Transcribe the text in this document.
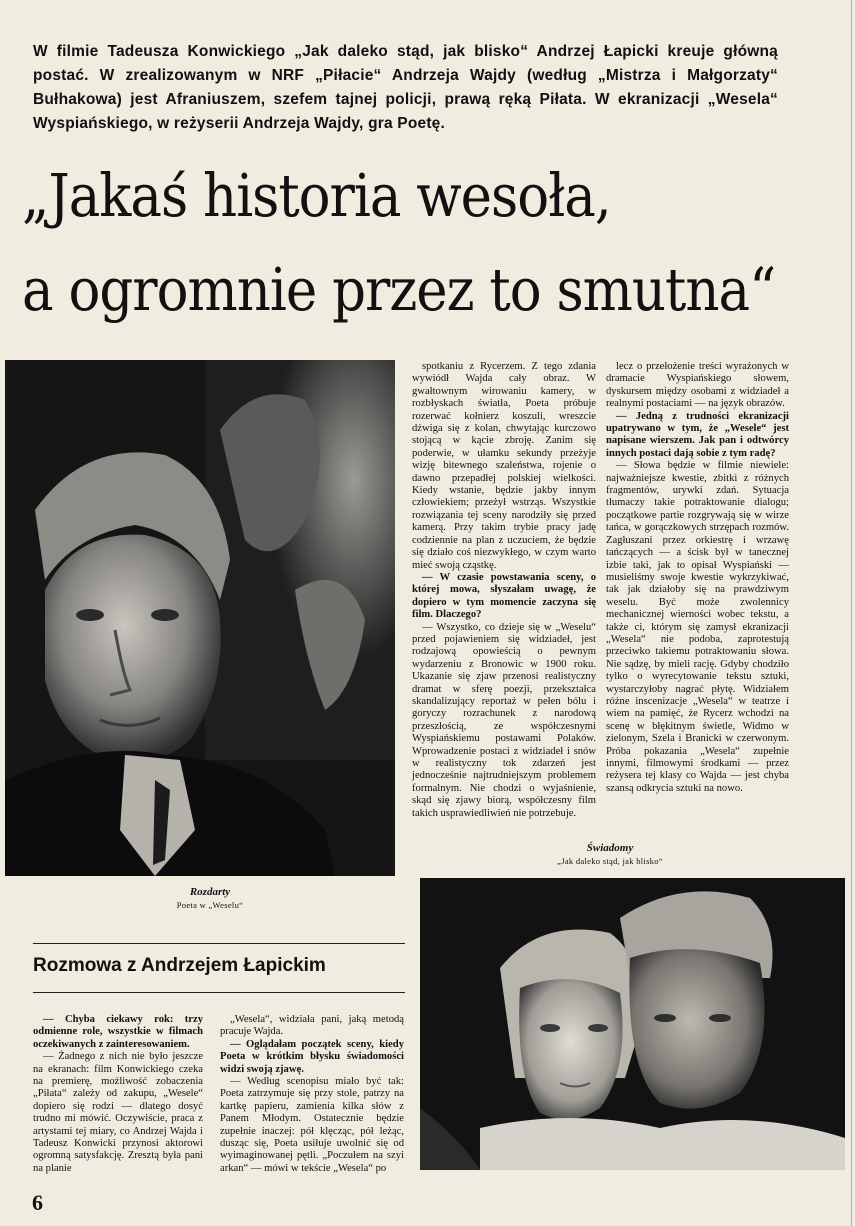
W filmie Tadeusza Konwickiego „Jak daleko stąd, jak blisko“ Andrzej Łapicki kreuje główną postać. W zrealizowanym w NRF „Piłacie“ Andrzeja Wajdy (według „Mistrza i Małgorzaty“ Bułhakowa) jest Afraniuszem, szefem tajnej policji, prawą ręką Piłata. W ekranizacji „Wesela“ Wyspiańskiego, w reżyserii Andrzeja Wajdy, gra Poetę.

„Jakaś historia wesoła,
a ogromnie przez to smutna“
Rozdarty
Poeta w „Weselu“

spotkaniu z Rycerzem. Z tego zdania wywiódł Wajda cały obraz. W gwałtownym wirowaniu kamery, w rozbłyskach światła, Poeta próbuje rozerwać kołnierz koszuli, wreszcie dźwiga się z kolan, chwytając kurczowo stojącą w kącie zbroję. Zanim się poderwie, w ułamku sekundy przeżyje wizję bitewnego szaleństwa, rojenie o dawno przepadłej polskiej wielkości. Kiedy wstanie, będzie jakby innym człowiekiem; przeżył wstrząs. Wszystkie rozwiązania tej sceny narodziły się przed kamerą. Przy takim trybie pracy jadę codziennie na plan z uczuciem, że będzie się działo coś niezwykłego, w czym warto mieć swoją cząstkę.

— W czasie powstawania sceny, o której mowa, słyszałam uwagę, że dopiero w tym momencie zaczyna się film. Dlaczego?

— Wszystko, co dzieje się w „Weselu“ przed pojawieniem się widziadeł, jest rodzajową opowieścią o pewnym wydarzeniu z Bronowic w 1900 roku. Ukazanie się zjaw przenosi realistyczny dramat w sferę poezji, przekształca skandalizujący reportaż w pełen bólu i goryczy rozrachunek z narodową przeszłością, ze współczesnymi Wyspiańskiemu postawami Polaków. Wprowadzenie postaci z widziadeł i snów w realistyczny tok zdarzeń jest jednocześnie najtrudniejszym problemem formalnym. Nie chodzi o wyjaśnienie, skąd się zjawy biorą, współczesny film takich usprawiedliwień nie potrzebuje.

lecz o przełożenie treści wyrażonych w dramacie Wyspiańskiego słowem, dyskursem między osobami z widziadeł a realnymi postaciami — na język obrazów.

— Jedną z trudności ekranizacji upatrywano w tym, że „Wesele“ jest napisane wierszem. Jak pan i odtwórcy innych postaci dają sobie z tym radę?

— Słowa będzie w filmie niewiele: najważniejsze kwestie, zbitki z różnych fragmentów, urywki zdań. Sytuacja tłumaczy takie potraktowanie dialogu; początkowe partie rozgrywają się w wirze tańca, w gorączkowych strzępach rozmów. Zagłuszani przez orkiestrę i wrzawę tańczących — a ścisk był w tanecznej izbie taki, jak to opisał Wyspiański — musieliśmy swoje kwestie wykrzykiwać, tak jak działoby się na prawdziwym weselu. Być może zwolennicy mechanicznej wierności wobec tekstu, a także ci, którym się zamysł ekranizacji „Wesela“ nie podoba, zaprotestują przeciwko takiemu potraktowaniu słowa. Nie sądzę, by mieli rację. Gdyby chodziło tylko o wyrecytowanie tekstu sztuki, wystarczyłoby nagrać płytę. Widziałem różne inscenizacje „Wesela“ w teatrze i wiem na pamięć, że Rycerz wchodzi na scenę w błękitnym świetle, Widmo w zielonym, Szela i Branicki w czerwonym. Próba pokazania „Wesela“ zupełnie innymi, filmowymi środkami — przez reżysera tej klasy co Wajda — jest chyba szansą odkrycia sztuki na nowo.

Świadomy
„Jak daleko stąd, jak blisko“
Rozmowa z Andrzejem Łapickim

— Chyba ciekawy rok: trzy odmienne role, wszystkie w filmach oczekiwanych z zainteresowaniem.

— Żadnego z nich nie było jeszcze na ekranach: film Konwickiego czeka na premierę, możliwość zobaczenia „Piłata“ zależy od zakupu, „Wesele“ dopiero się rodzi — dlatego dosyć trudno mi mówić. Oczywiście, praca z artystami tej miary, co Andrzej Wajda i Tadeusz Konwicki przynosi aktorowi ogromną satysfakcję. Zresztą była pani na planie

„Wesela“, widziała pani, jaką metodą pracuje Wajda.

— Oglądałam początek sceny, kiedy Poeta w krótkim błysku świadomości widzi swoją zjawę.

— Według scenopisu miało być tak: Poeta zatrzymuje się przy stole, patrzy na kartkę papieru, zamienia kilka słów z Panem Młodym. Ostatecznie będzie zupełnie inaczej: pół klęcząc, pół leżąc, dusząc się, Poeta usiłuje uwolnić się od wyimaginowanej pętli. „Poczułem na szyi arkan“ — mówi w tekście „Wesela“ po

6
